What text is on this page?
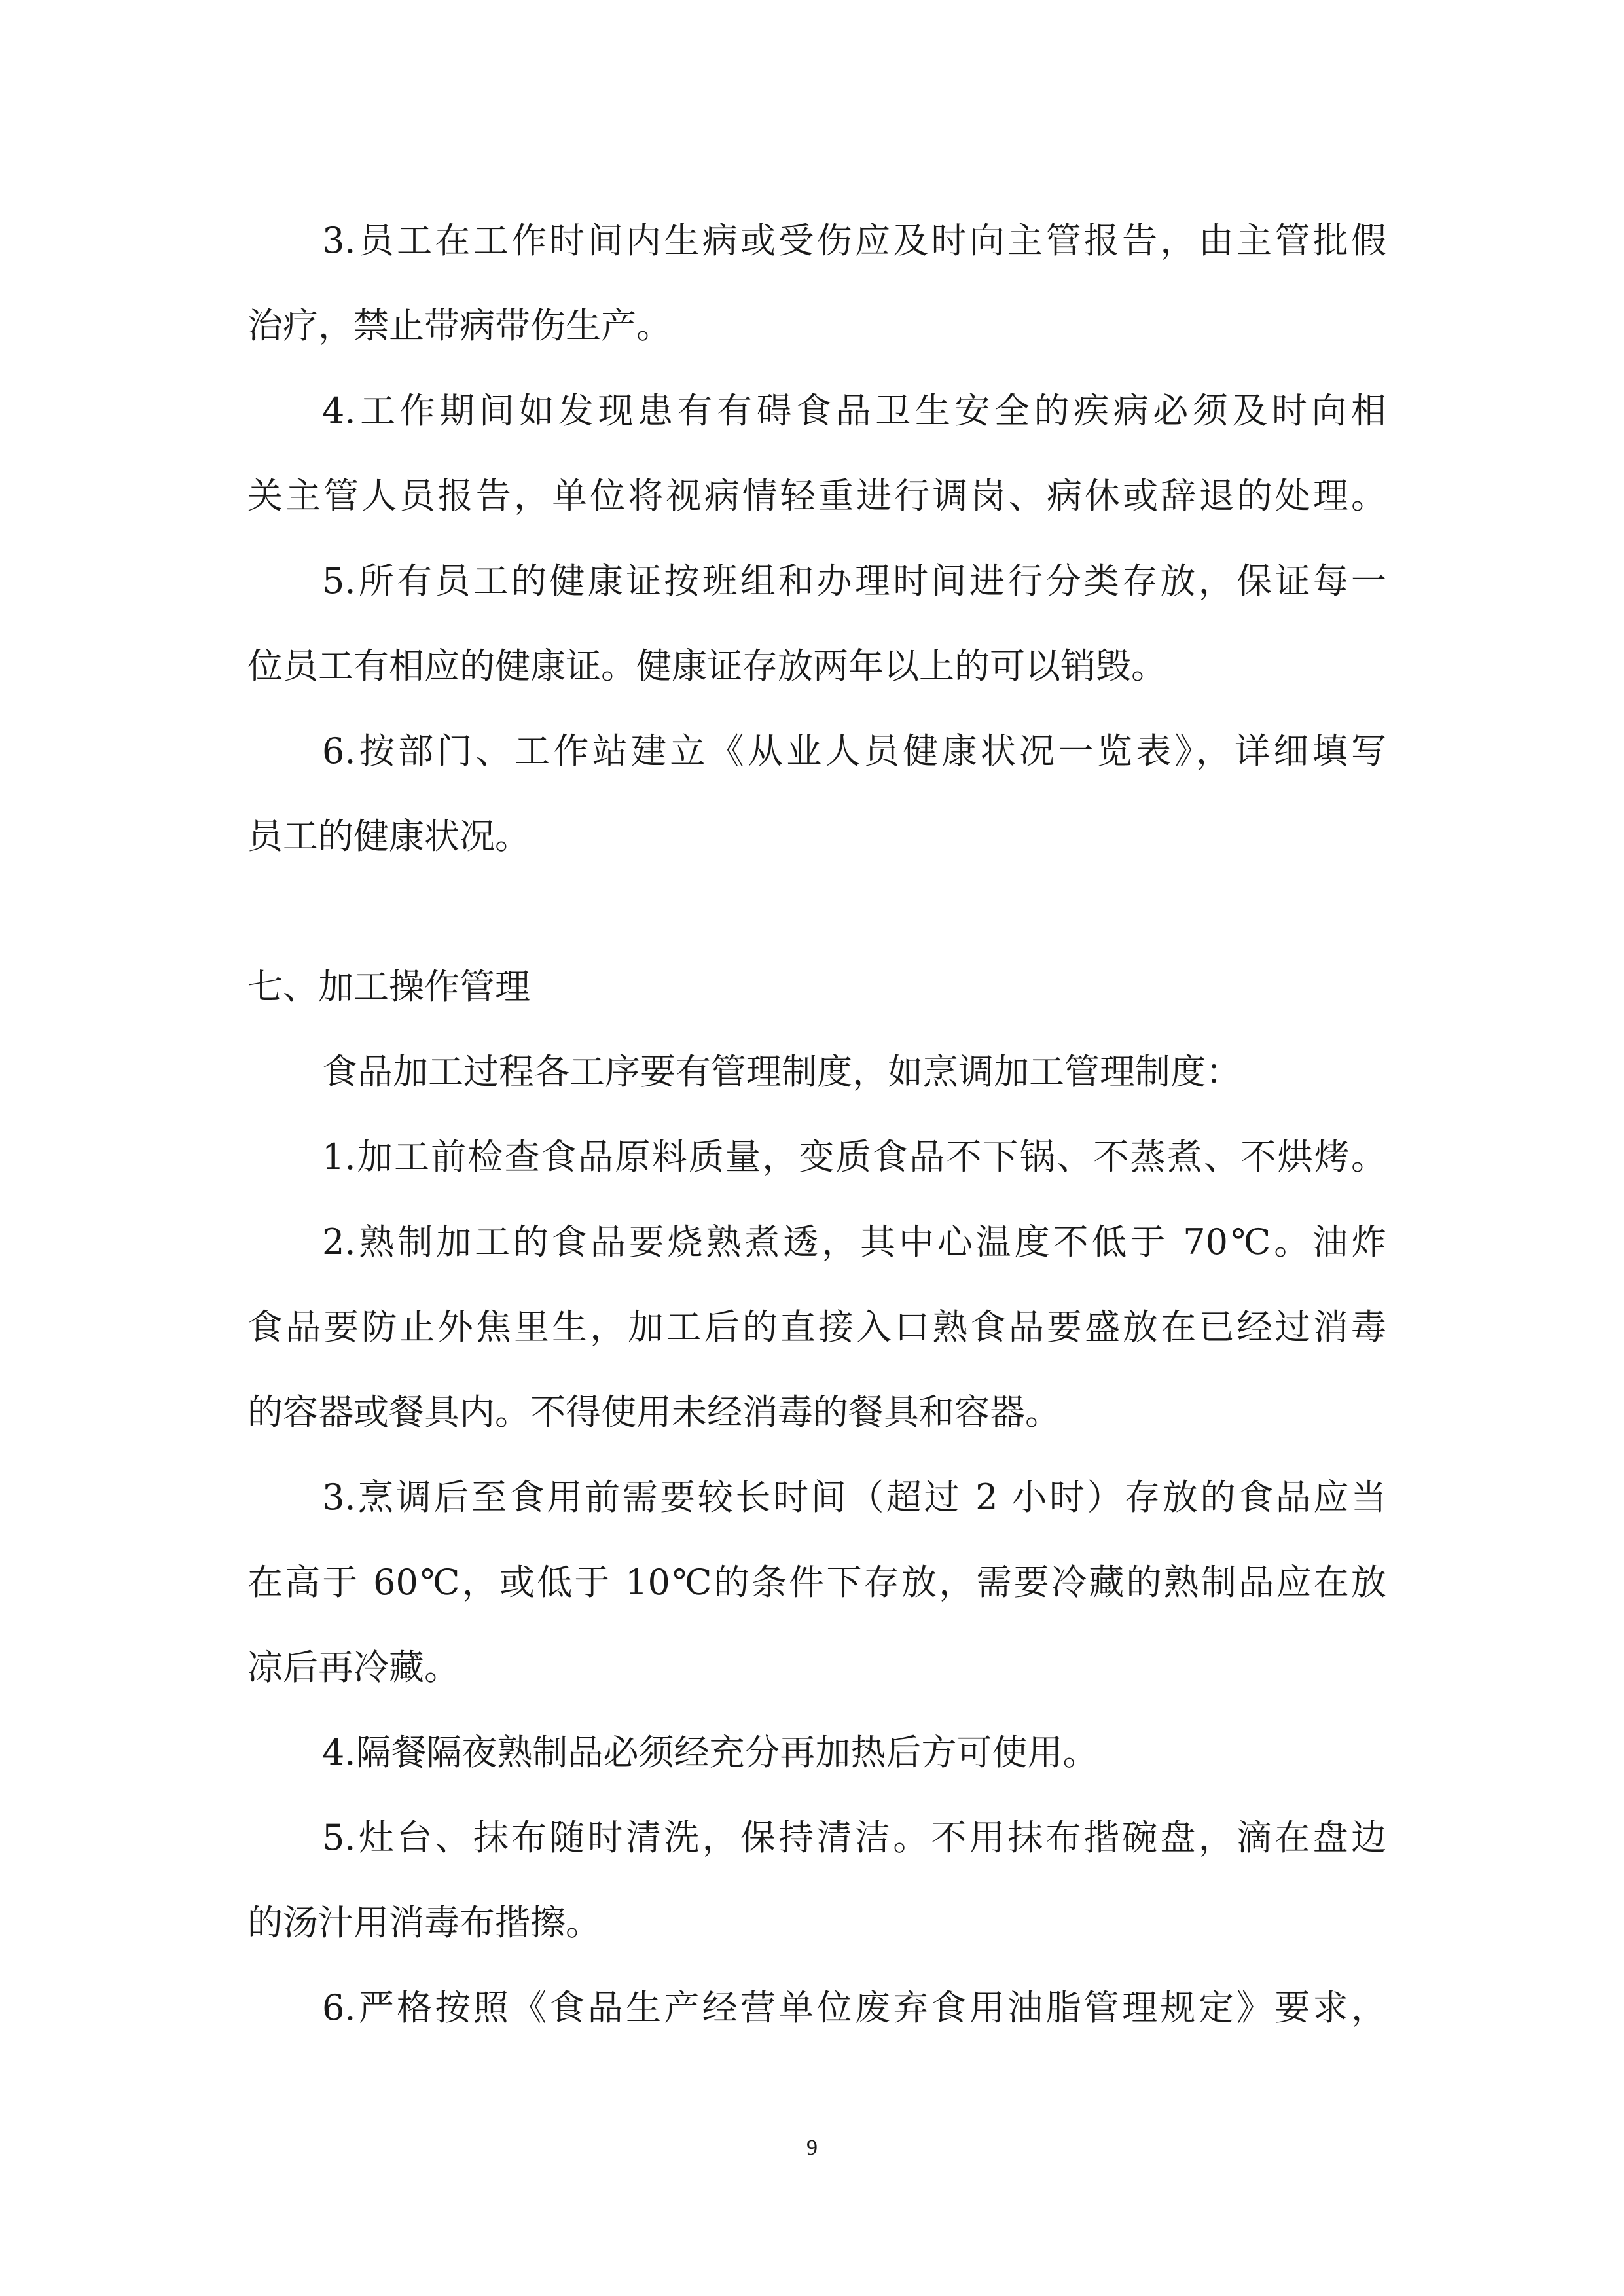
3.员工在工作时间内生病或受伤应及时向主管报告，由主管批假
治疗，禁止带病带伤生产。
4.工作期间如发现患有有碍食品卫生安全的疾病必须及时向相
关主管人员报告，单位将视病情轻重进行调岗、病休或辞退的处理。
5.所有员工的健康证按班组和办理时间进行分类存放，保证每一
位员工有相应的健康证。健康证存放两年以上的可以销毁。
6.按部门、工作站建立《从业人员健康状况一览表》，详细填写
员工的健康状况。
七、加工操作管理
食品加工过程各工序要有管理制度，如烹调加工管理制度：
1.加工前检查食品原料质量，变质食品不下锅、不蒸煮、不烘烤。
2.熟制加工的食品要烧熟煮透，其中心温度不低于 70℃。油炸
食品要防止外焦里生，加工后的直接入口熟食品要盛放在已经过消毒
的容器或餐具内。不得使用未经消毒的餐具和容器。
3.烹调后至食用前需要较长时间（超过 2 小时）存放的食品应当
在高于 60℃，或低于 10℃的条件下存放，需要冷藏的熟制品应在放
凉后再冷藏。
4.隔餐隔夜熟制品必须经充分再加热后方可使用。
5.灶台、抹布随时清洗，保持清洁。不用抹布揩碗盘，滴在盘边
的汤汁用消毒布揩擦。
6.严格按照《食品生产经营单位废弃食用油脂管理规定》要求，
9
